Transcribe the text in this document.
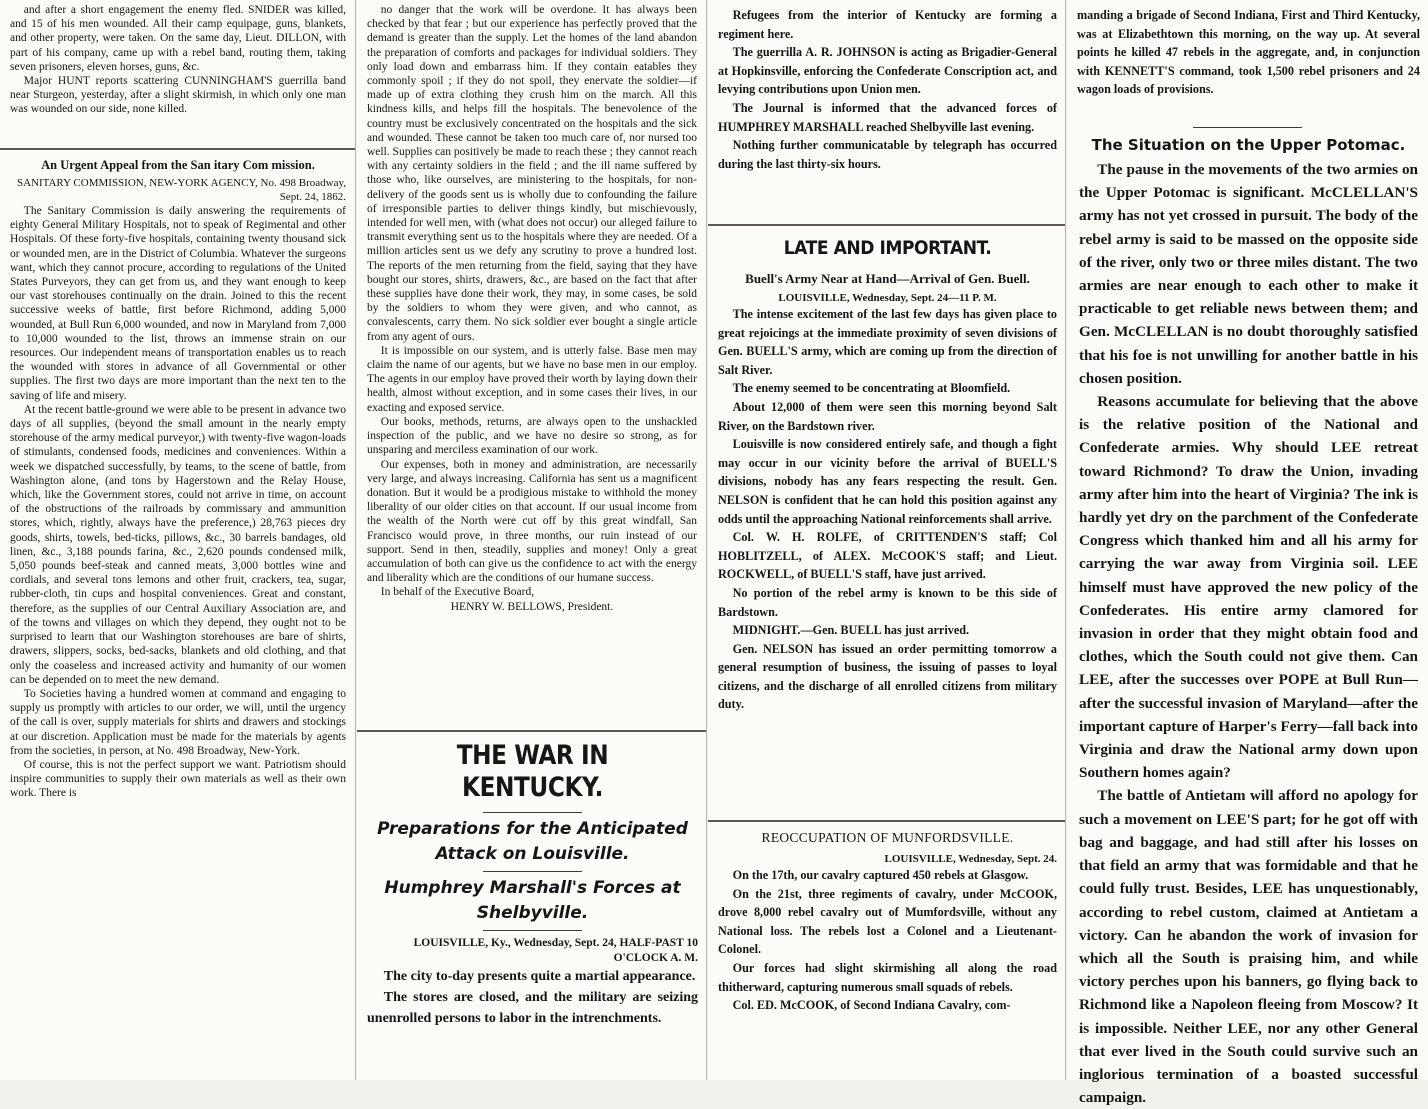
and after a short engagement the enemy fled. SNIDER was killed, and 15 of his men wounded. All their camp equipage, guns, blankets, and other property, were taken. On the same day, Lieut. DILLON, with part of his company, came up with a rebel band, routing them, taking seven prisoners, eleven horses, guns, &c.

Major HUNT reports scattering CUNNINGHAM'S guerrilla band near Sturgeon, yesterday, after a slight skirmish, in which only one man was wounded on our side, none killed.

An Urgent Appeal from the San itary Com mission.

SANITARY COMMISSION, NEW-YORK AGENCY, No. 498 Broadway, Sept. 24, 1862.

The Sanitary Commission is daily answering the requirements of eighty General Military Hospitals, not to speak of Regimental and other Hospitals. Of these forty-five hospitals, containing twenty thousand sick or wounded men, are in the District of Columbia. Whatever the surgeons want, which they cannot procure, according to regulations of the United States Purveyors, they can get from us, and they want enough to keep our vast storehouses continually on the drain. Joined to this the recent successive weeks of battle, first before Richmond, adding 5,000 wounded, at Bull Run 6,000 wounded, and now in Maryland from 7,000 to 10,000 wounded to the list, throws an immense strain on our resources. Our independent means of transportation enables us to reach the wounded with stores in advance of all Governmental or other supplies. The first two days are more important than the next ten to the saving of life and misery.

At the recent battle-ground we were able to be present in advance two days of all supplies, (beyond the small amount in the nearly empty storehouse of the army medical purveyor,) with twenty-five wagon-loads of stimulants, condensed foods, medicines and conveniences. Within a week we dispatched successfully, by teams, to the scene of battle, from Washington alone, (and tons by Hagerstown and the Relay House, which, like the Government stores, could not arrive in time, on account of the obstructions of the railroads by commissary and ammunition stores, which, rightly, always have the preference,) 28,763 pieces dry goods, shirts, towels, bed-ticks, pillows, &c., 30 barrels bandages, old linen, &c., 3,188 pounds farina, &c., 2,620 pounds condensed milk, 5,050 pounds beef-steak and canned meats, 3,000 bottles wine and cordials, and several tons lemons and other fruit, crackers, tea, sugar, rubber-cloth, tin cups and hospital conveniences. Great and constant, therefore, as the supplies of our Central Auxiliary Association are, and of the towns and villages on which they depend, they ought not to be surprised to learn that our Washington storehouses are bare of shirts, drawers, slippers, socks, bed-sacks, blankets and old clothing, and that only the coaseless and increased activity and humanity of our women can be depended on to meet the new demand.

To Societies having a hundred women at command and engaging to supply us promptly with articles to our order, we will, until the urgency of the call is over, supply materials for shirts and drawers and stockings at our discretion. Application must be made for the materials by agents from the societies, in person, at No. 498 Broadway, New-York.

Of course, this is not the perfect support we want. Patriotism should inspire communities to supply their own materials as well as their own work. There is

no danger that the work will be overdone. It has always been checked by that fear ; but our experience has perfectly proved that the demand is greater than the supply. Let the homes of the land abandon the preparation of comforts and packages for individual soldiers. They only load down and embarrass him. If they contain eatables they commonly spoil ; if they do not spoil, they enervate the soldier—if made up of extra clothing they crush him on the march. All this kindness kills, and helps fill the hospitals. The benevolence of the country must be exclusively concentrated on the hospitals and the sick and wounded. These cannot be taken too much care of, nor nursed too well. Supplies can positively be made to reach these ; they cannot reach with any certainty soldiers in the field ; and the ill name suffered by those who, like ourselves, are ministering to the hospitals, for non-delivery of the goods sent us is wholly due to confounding the failure of irresponsible parties to deliver things kindly, but mischievously, intended for well men, with (what does not occur) our alleged failure to transmit everything sent us to the hospitals where they are needed. Of a million articles sent us we defy any scrutiny to prove a hundred lost. The reports of the men returning from the field, saying that they have bought our stores, shirts, drawers, &c., are based on the fact that after these supplies have done their work, they may, in some cases, be sold by the soldiers to whom they were given, and who cannot, as convalescents, carry them. No sick soldier ever bought a single article from any agent of ours.

It is impossible on our system, and is utterly false. Base men may claim the name of our agents, but we have no base men in our employ. The agents in our employ have proved their worth by laying down their health, almost without exception, and in some cases their lives, in our exacting and exposed service.

Our books, methods, returns, are always open to the unshackled inspection of the public, and we have no desire so strong, as for unsparing and merciless examination of our work.

Our expenses, both in money and administration, are necessarily very large, and always increasing. California has sent us a magnificent donation. But it would be a prodigious mistake to withhold the money liberality of our older cities on that account. If our usual income from the wealth of the North were cut off by this great windfall, San Francisco would prove, in three months, our ruin instead of our support. Send in then, steadily, supplies and money! Only a great accumulation of both can give us the confidence to act with the energy and liberality which are the conditions of our humane success.

In behalf of the Executive Board,

HENRY W. BELLOWS, President.

THE WAR IN KENTUCKY.

Preparations for the Anticipated Attack on Louisville.

Humphrey Marshall's Forces at Shelbyville.

LOUISVILLE, Ky., Wednesday, Sept. 24, HALF-PAST 10 O'CLOCK A. M.

The city to-day presents quite a martial appearance.

The stores are closed, and the military are seizing unenrolled persons to labor in the intrenchments.

Refugees from the interior of Kentucky are forming a regiment here.

The guerrilla A. R. JOHNSON is acting as Brigadier-General at Hopkinsville, enforcing the Confederate Conscription act, and levying contributions upon Union men.

The Journal is informed that the advanced forces of HUMPHREY MARSHALL reached Shelbyville last evening.

Nothing further communicatable by telegraph has occurred during the last thirty-six hours.

LATE AND IMPORTANT.

Buell's Army Near at Hand—Arrival of Gen. Buell.

LOUISVILLE, Wednesday, Sept. 24—11 P. M.

The intense excitement of the last few days has given place to great rejoicings at the immediate proximity of seven divisions of Gen. BUELL'S army, which are coming up from the direction of Salt River.

The enemy seemed to be concentrating at Bloomfield.

About 12,000 of them were seen this morning beyond Salt River, on the Bardstown river.

Louisville is now considered entirely safe, and though a fight may occur in our vicinity before the arrival of BUELL'S divisions, nobody has any fears respecting the result. Gen. NELSON is confident that he can hold this position against any odds until the approaching National reinforcements shall arrive.

Col. W. H. ROLFE, of CRITTENDEN'S staff; Col HOBLITZELL, of ALEX. McCOOK'S staff; and Lieut. ROCKWELL, of BUELL'S staff, have just arrived.

No portion of the rebel army is known to be this side of Bardstown.

MIDNIGHT.—Gen. BUELL has just arrived.

Gen. NELSON has issued an order permitting tomorrow a general resumption of business, the issuing of passes to loyal citizens, and the discharge of all enrolled citizens from military duty.

REOCCUPATION OF MUNFORDSVILLE.

LOUISVILLE, Wednesday, Sept. 24.

On the 17th, our cavalry captured 450 rebels at Glasgow.

On the 21st, three regiments of cavalry, under McCOOK, drove 8,000 rebel cavalry out of Mumfordsville, without any National loss. The rebels lost a Colonel and a Lieutenant-Colonel.

Our forces had slight skirmishing all along the road thitherward, capturing numerous small squads of rebels.

Col. ED. McCOOK, of Second Indiana Cavalry, com-

manding a brigade of Second Indiana, First and Third Kentucky, was at Elizabethtown this morning, on the way up. At several points he killed 47 rebels in the aggregate, and, in conjunction with KENNETT'S command, took 1,500 rebel prisoners and 24 wagon loads of provisions.

The Situation on the Upper Potomac.

The pause in the movements of the two armies on the Upper Potomac is significant. McCLELLAN'S army has not yet crossed in pursuit. The body of the rebel army is said to be massed on the opposite side of the river, only two or three miles distant. The two armies are near enough to each other to make it practicable to get reliable news between them; and Gen. McCLELLAN is no doubt thoroughly satisfied that his foe is not unwilling for another battle in his chosen position.

Reasons accumulate for believing that the above is the relative position of the National and Confederate armies. Why should LEE retreat toward Richmond? To draw the Union, invading army after him into the heart of Virginia? The ink is hardly yet dry on the parchment of the Confederate Congress which thanked him and all his army for carrying the war away from Virginia soil. LEE himself must have approved the new policy of the Confederates. His entire army clamored for invasion in order that they might obtain food and clothes, which the South could not give them. Can LEE, after the successes over POPE at Bull Run—after the successful invasion of Maryland—after the important capture of Harper's Ferry—fall back into Virginia and draw the National army down upon Southern homes again?

The battle of Antietam will afford no apology for such a movement on LEE'S part; for he got off with bag and baggage, and had still after his losses on that field an army that was formidable and that he could fully trust. Besides, LEE has unquestionably, according to rebel custom, claimed at Antietam a victory. Can he abandon the work of invasion for which all the South is praising him, and while victory perches upon his banners, go flying back to Richmond like a Napoleon fleeing from Moscow? It is impossible. Neither LEE, nor any other General that ever lived in the South could survive such an inglorious termination of a boasted successful campaign.
